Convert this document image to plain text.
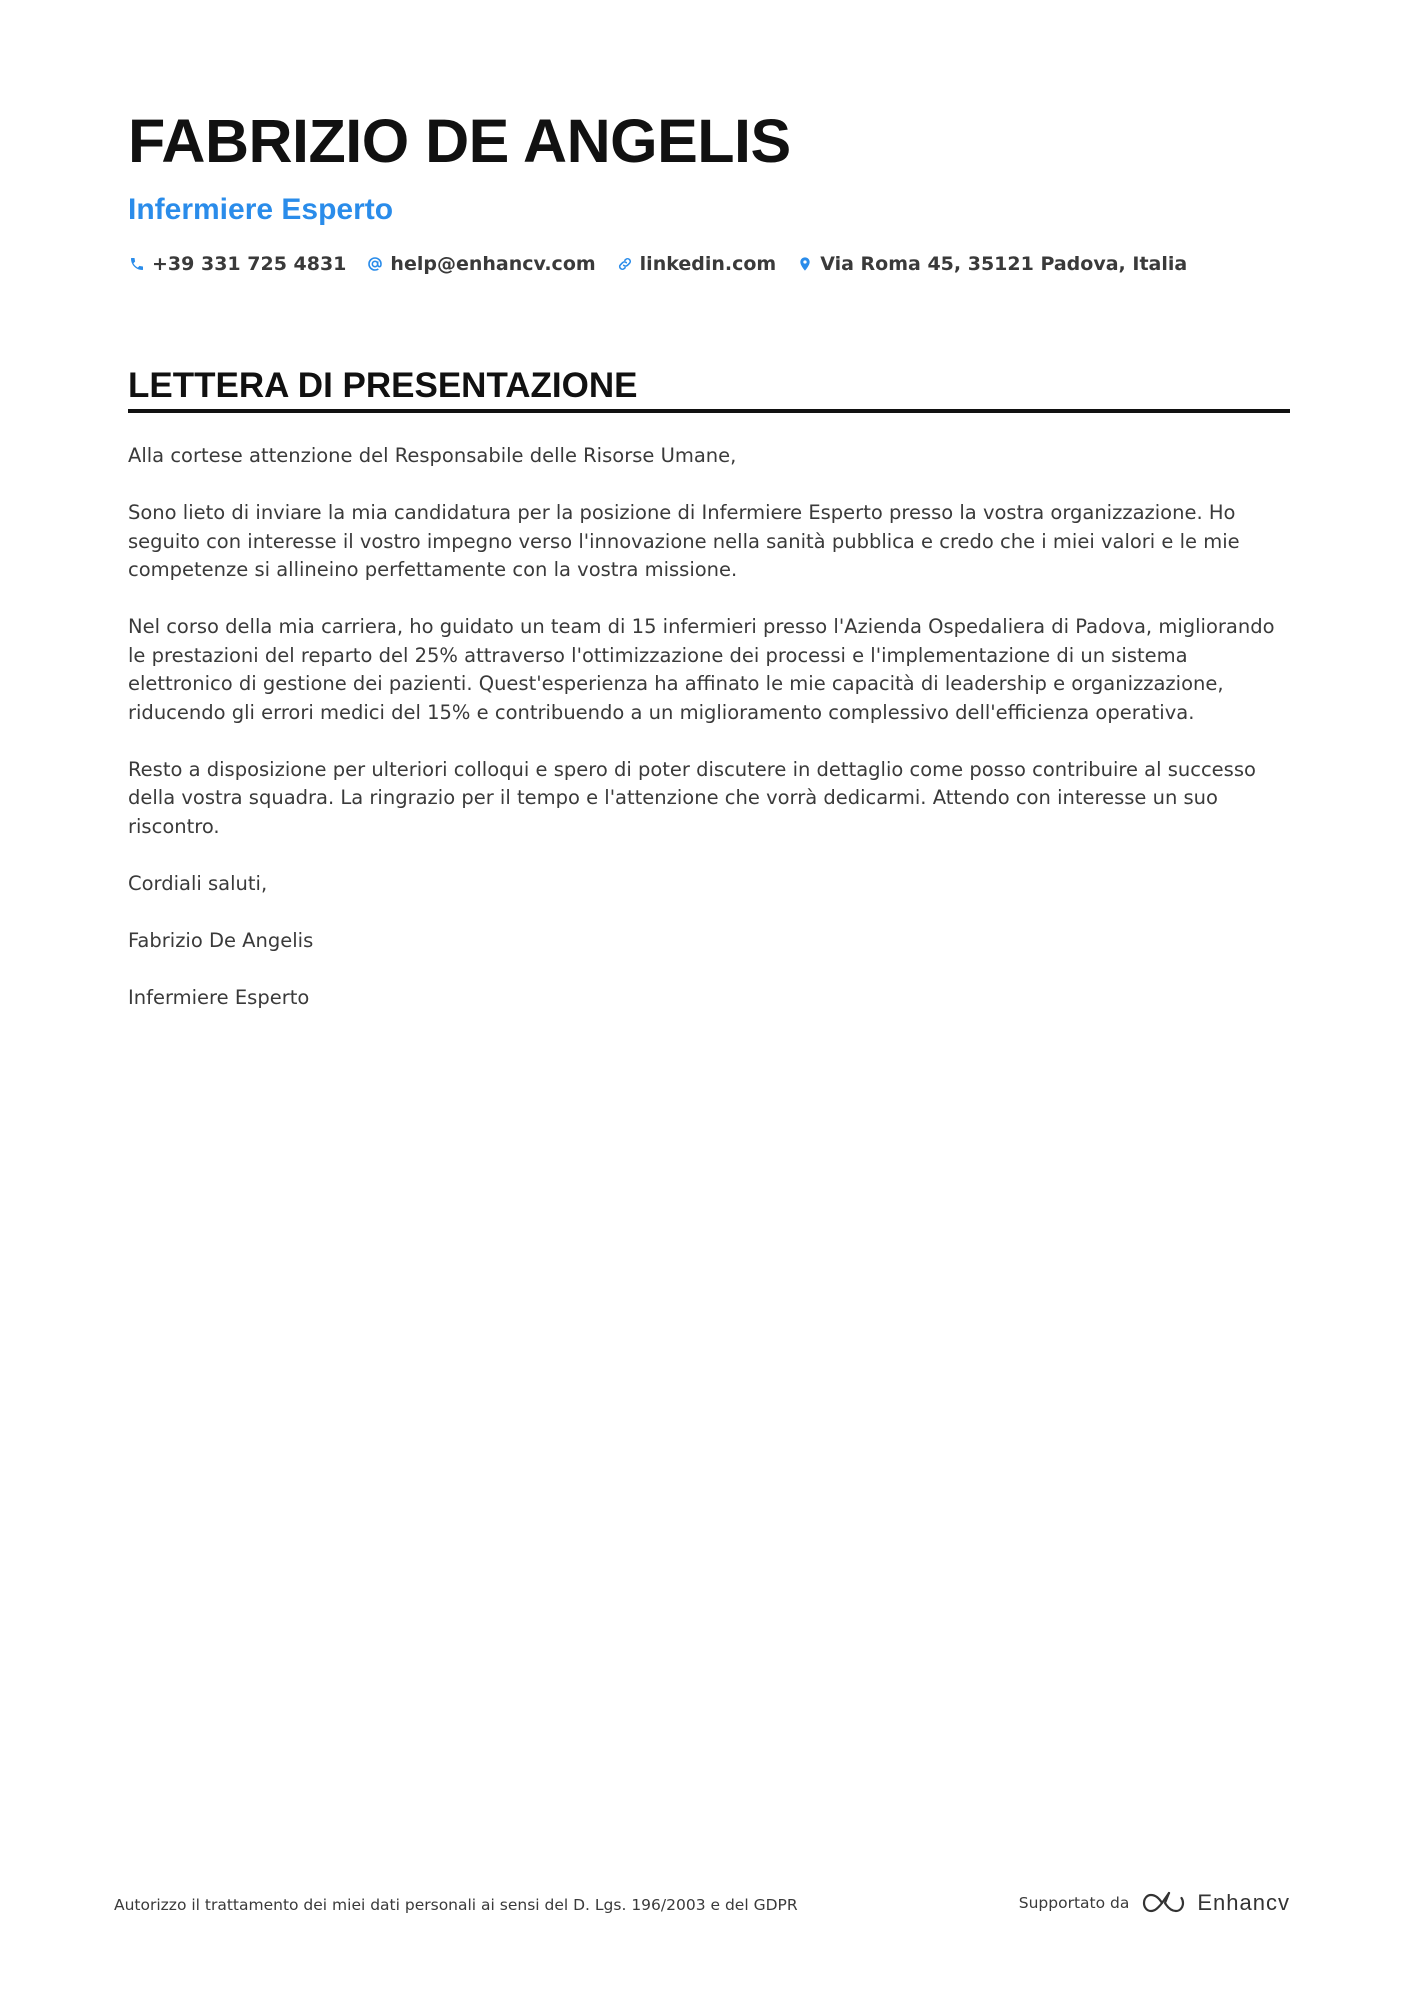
FABRIZIO DE ANGELIS
Infermiere Esperto
+39 331 725 4831 help@enhancv.com linkedin.com Via Roma 45, 35121 Padova, Italia
LETTERA DI PRESENTAZIONE

Alla cortese attenzione del Responsabile delle Risorse Umane,

Sono lieto di inviare la mia candidatura per la posizione di Infermiere Esperto presso la vostra organizzazione. Ho seguito con interesse il vostro impegno verso l'innovazione nella sanità pubblica e credo che i miei valori e le mie competenze si allineino perfettamente con la vostra missione.

Nel corso della mia carriera, ho guidato un team di 15 infermieri presso l'Azienda Ospedaliera di Padova, migliorando le prestazioni del reparto del 25% attraverso l'ottimizzazione dei processi e l'implementazione di un sistema elettronico di gestione dei pazienti. Quest'esperienza ha affinato le mie capacità di leadership e organizzazione, riducendo gli errori medici del 15% e contribuendo a un miglioramento complessivo dell'efficienza operativa.

Resto a disposizione per ulteriori colloqui e spero di poter discutere in dettaglio come posso contribuire al successo della vostra squadra. La ringrazio per il tempo e l'attenzione che vorrà dedicarmi. Attendo con interesse un suo riscontro.

Cordiali saluti,

Fabrizio De Angelis

Infermiere Esperto

Autorizzo il trattamento dei miei dati personali ai sensi del D. Lgs. 196/2003 e del GDPR	Supportato da	Enhancv
